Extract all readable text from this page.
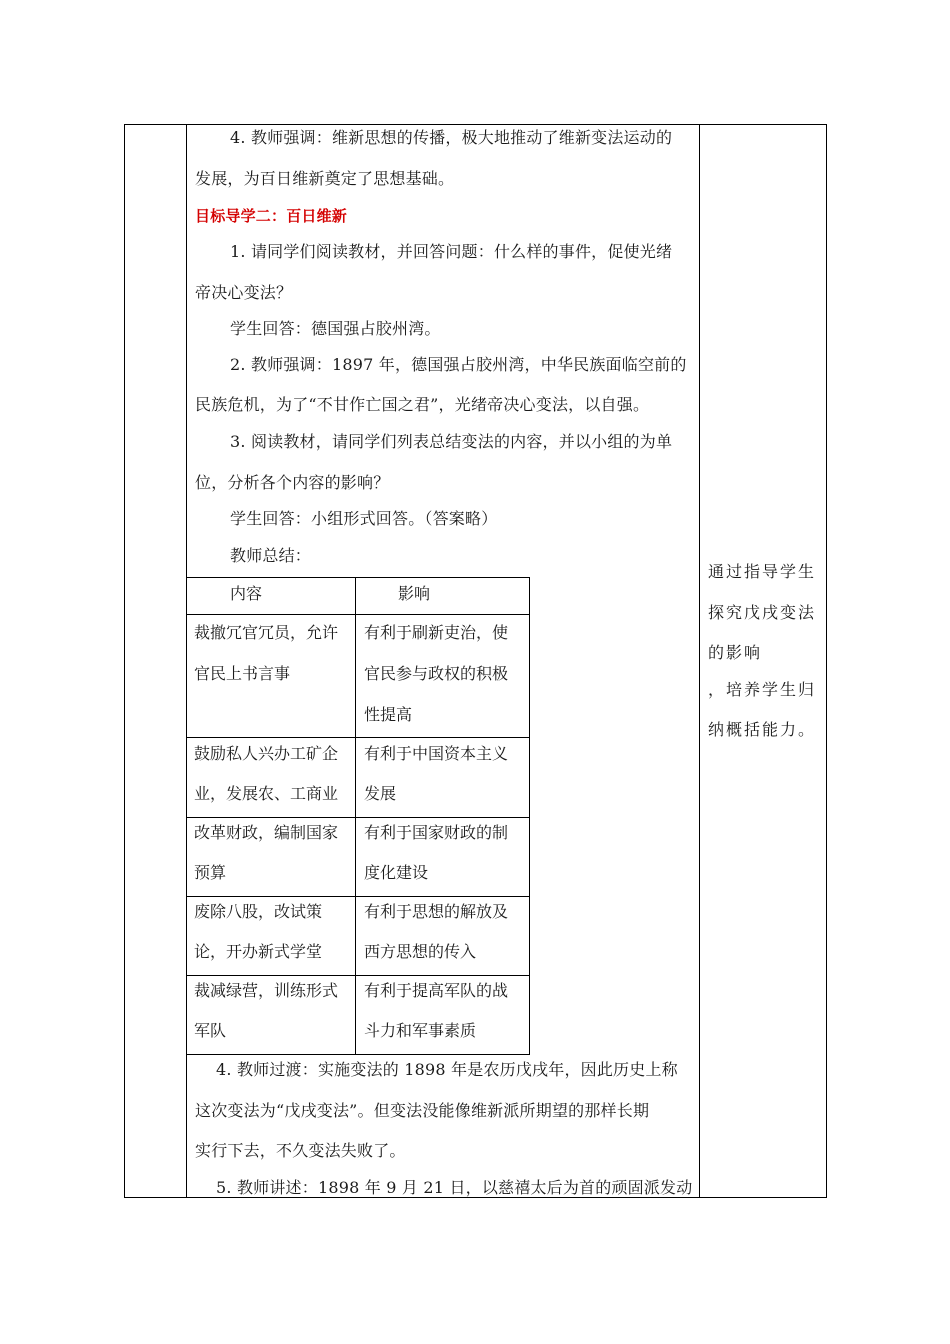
4. 教师强调：维新思想的传播，极大地推动了维新变法运动的
发展，为百日维新奠定了思想基础。
目标导学二：百日维新
1. 请同学们阅读教材，并回答问题：什么样的事件，促使光绪
帝决心变法？
学生回答：德国强占胶州湾。
2. 教师强调：1897 年，德国强占胶州湾，中华民族面临空前的
民族危机，为了“不甘作亡国之君”，光绪帝决心变法，以自强。
3. 阅读教材，请同学们列表总结变法的内容，并以小组的为单
位，分析各个内容的影响？
学生回答：小组形式回答。（答案略）
教师总结：
内容	影响
裁撤冗官冗员，允许
官民上书言事
有利于刷新吏治，使
官民参与政权的积极
性提高
鼓励私人兴办工矿企
业，发展农、工商业
有利于中国资本主义
发展
改革财政，编制国家
预算
有利于国家财政的制
度化建设
废除八股，改试策
论，开办新式学堂
有利于思想的解放及
西方思想的传入
裁减绿营，训练形式
军队
有利于提高军队的战
斗力和军事素质
4. 教师过渡：实施变法的 1898 年是农历戊戌年，因此历史上称
这次变法为“戊戌变法”。但变法没能像维新派所期望的那样长期
实行下去，不久变法失败了。
5. 教师讲述：1898 年 9 月 21 日，以慈禧太后为首的顽固派发动
通过指导学生
探究戊戌变法
的影响
，培养学生归
纳概括能力。
